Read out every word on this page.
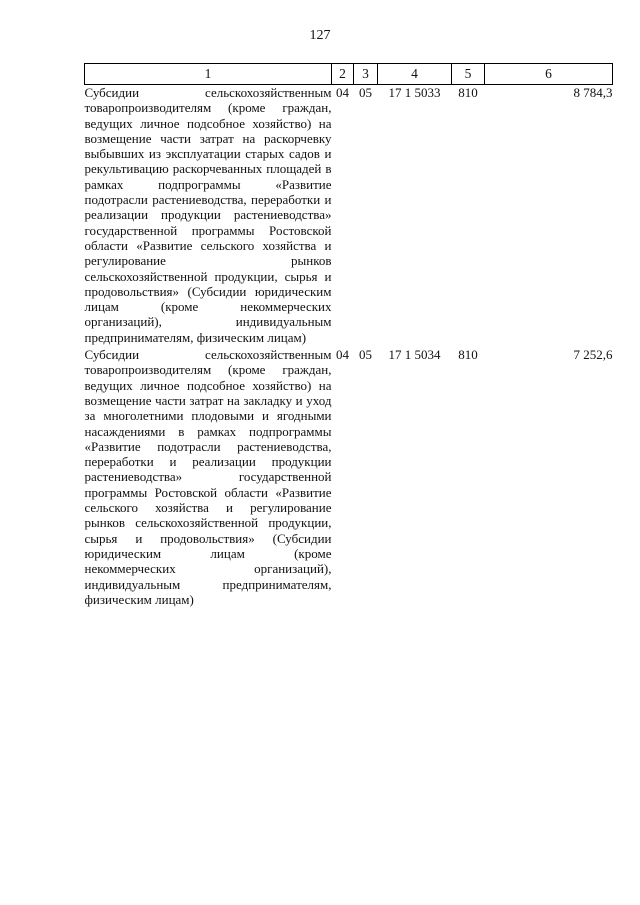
127
1	2	3	4	5	6
Субсидии сельскохозяйственным товаропроизводителям (кроме граждан, ведущих личное подсобное хозяйство) на возмещение части затрат на раскорчевку выбывших из эксплуатации старых садов и рекультивацию раскорчеванных площадей в рамках подпрограммы «Развитие подотрасли растениеводства, переработки и реализации продукции растениеводства» государственной программы Ростовской области «Развитие сельского хозяйства и регулирование рынков сельскохозяйственной продукции, сырья и продовольствия» (Субсидии юридическим лицам (кроме некоммерческих организаций), индивидуальным предпринимателям, физическим лицам)	04	05	17 1 5033	810	8 784,3
Субсидии сельскохозяйственным товаропроизводителям (кроме граждан, ведущих личное подсобное хозяйство) на возмещение части затрат на закладку и уход за многолетними плодовыми и ягодными насаждениями в рамках подпрограммы «Развитие подотрасли растениеводства, переработки и реализации продукции растениеводства» государственной программы Ростовской области «Развитие сельского хозяйства и регулирование рынков сельскохозяйственной продукции, сырья и продовольствия» (Субсидии юридическим лицам (кроме некоммерческих организаций), индивидуальным предпринимателям, физическим лицам)	04	05	17 1 5034	810	7 252,6
